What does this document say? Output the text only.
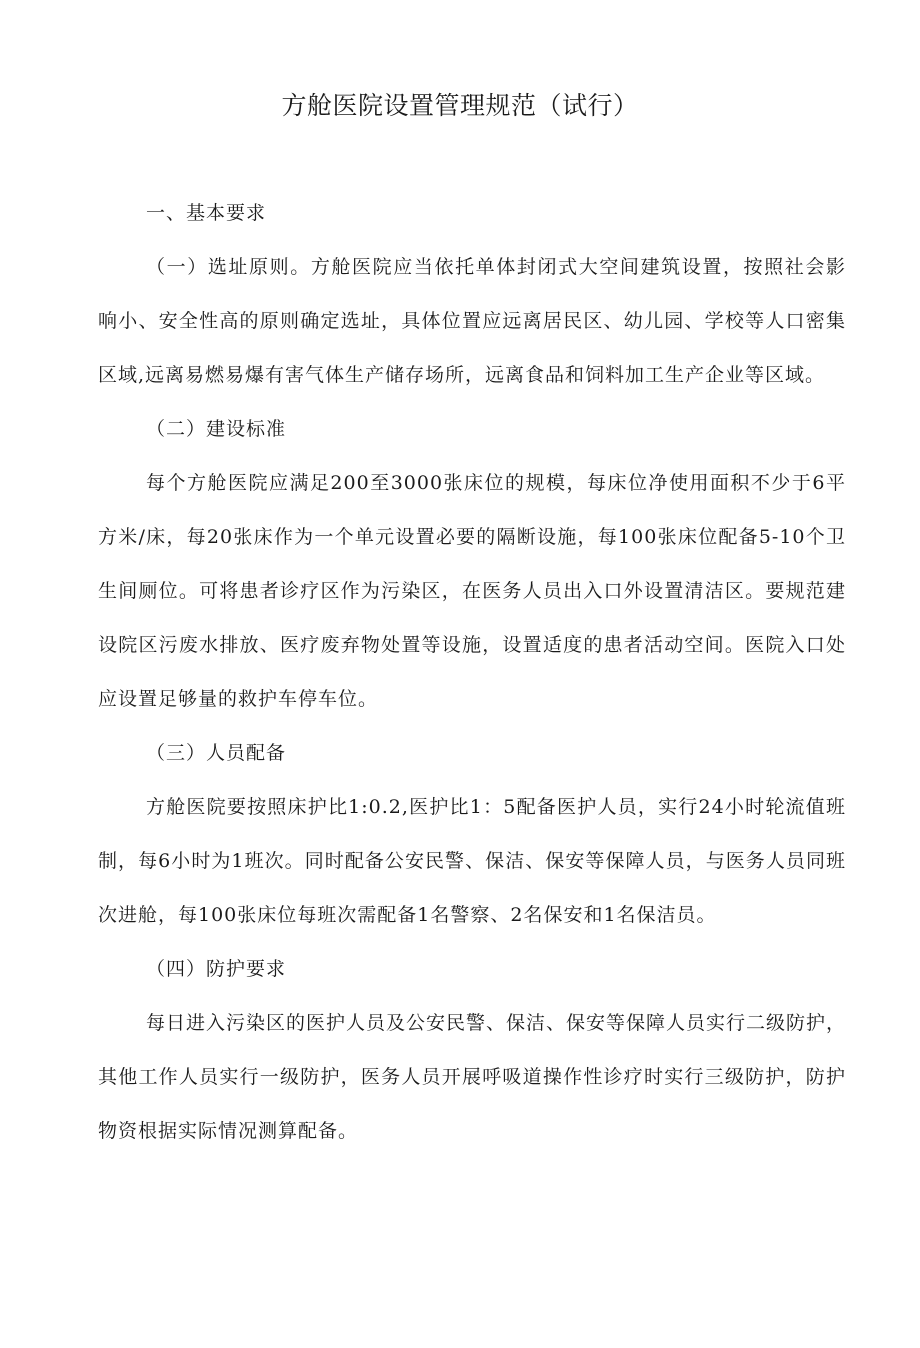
方舱医院设置管理规范（试行）

一、基本要求

（一）选址原则。方舱医院应当依托单体封闭式大空间建筑设置，按照社会影响小、安全性高的原则确定选址，具体位置应远离居民区、幼儿园、学校等人口密集区域,远离易燃易爆有害气体生产储存场所，远离食品和饲料加工生产企业等区域。

（二）建设标准

每个方舱医院应满足200至3000张床位的规模，每床位净使用面积不少于6平方米/床，每20张床作为一个单元设置必要的隔断设施，每100张床位配备5-10个卫生间厕位。可将患者诊疗区作为污染区，在医务人员出入口外设置清洁区。要规范建设院区污废水排放、医疗废弃物处置等设施，设置适度的患者活动空间。医院入口处应设置足够量的救护车停车位。

（三）人员配备

方舱医院要按照床护比1:0.2,医护比1：5配备医护人员，实行24小时轮流值班制，每6小时为1班次。同时配备公安民警、保洁、保安等保障人员，与医务人员同班次进舱，每100张床位每班次需配备1名警察、2名保安和1名保洁员。

（四）防护要求

每日进入污染区的医护人员及公安民警、保洁、保安等保障人员实行二级防护，其他工作人员实行一级防护，医务人员开展呼吸道操作性诊疗时实行三级防护，防护物资根据实际情况测算配备。
